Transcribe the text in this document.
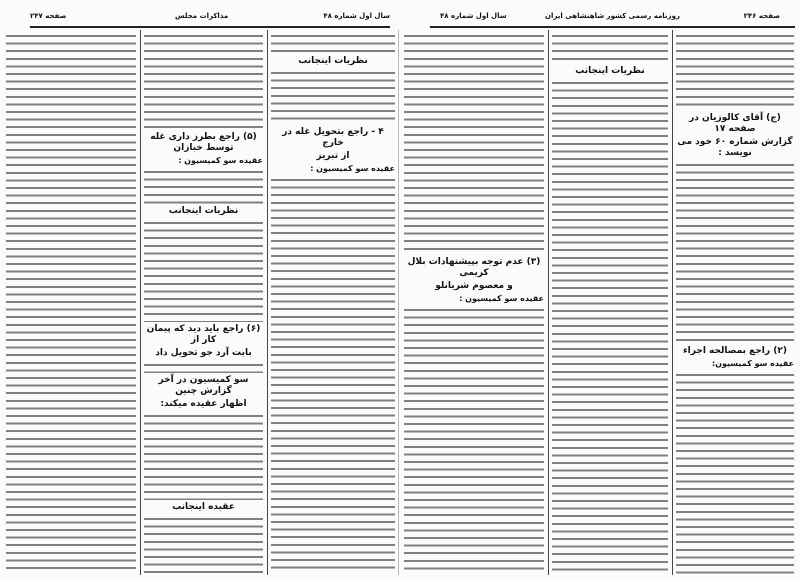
صفحه ۲۴۶
روزنامه رسمی کشور شاهنشاهی ایران
سال اول شماره ۴۸
سال اول شماره ۴۸
مذاکرات مجلس
صفحه ۲۴۷
(ج) آقای کالوزیان در صفحه ۱۷
گزارش شماره ۶۰ خود می نویسد :
(۲) راجع بمصالحه اجراء
عقیده سو کمیسیون:
نظریات اینجانب
(۳) عدم توجه بپیشنهادات بلال کریمی
و معصوم شریانلو
عقیده سو کمیسیون :
نظریات اینجانب
۴ - راجع بتحویل غله در خارج
از تبریز
عقیده سو کمیسیون :
(۵) راجع بطرز داری غله توسط خبازان
عقیده سو کمیسیون :
نظریات اینجانب
(۶) راجع باید دید که پیمان کار از
بابت آرد جو تحویل داد
سو کمیسیون در آخر گزارش چنین
اظهار عقیده میکند:
عقیده اینجانب
